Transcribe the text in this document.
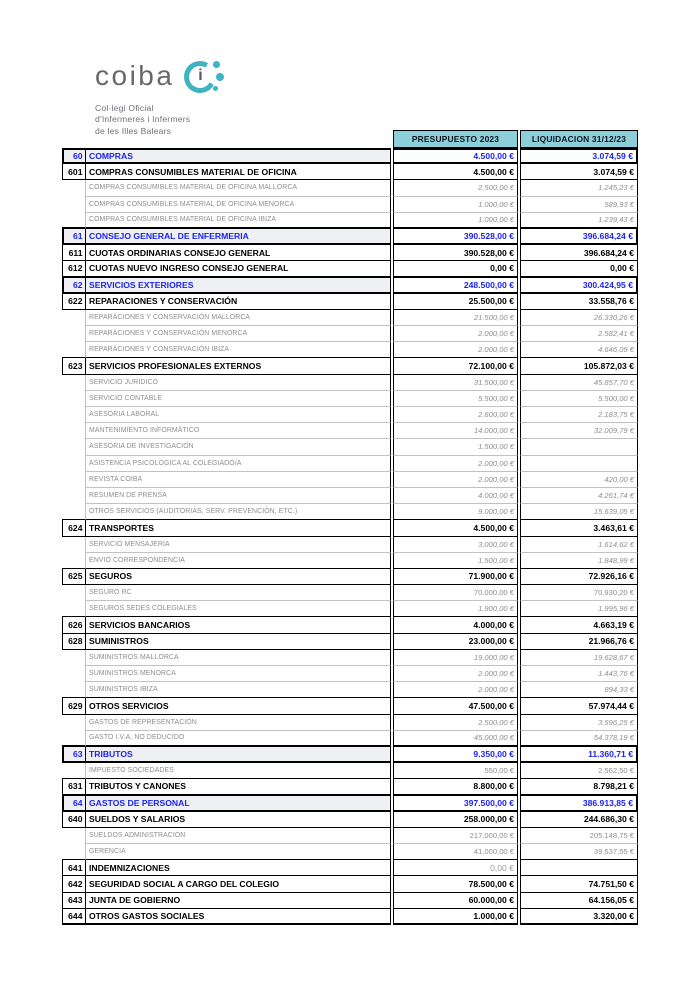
coiba	i
Col·legi Oficial
d'Infermeres i Infermers
de les Illes Balears
PRESUPUESTO 2023	LIQUIDACION 31/12/23
60 COMPRAS	4.500,00 €	3.074,59 €
601 COMPRAS CONSUMIBLES MATERIAL DE OFICINA	4.500,00 €	3.074,59 €
COMPRAS CONSUMIBLES MATERIAL DE OFICINA MALLORCA	2.500,00 €	1.245,23 €
COMPRAS CONSUMIBLES MATERIAL DE OFICINA MENORCA	1.000,00 €	589,93 €
COMPRAS CONSUMIBLES MATERIAL DE OFICINA IBIZA	1.000,00 €	1.239,43 €
61 CONSEJO GENERAL DE ENFERMERIA	390.528,00 €	396.684,24 €
611 CUOTAS ORDINARIAS CONSEJO GENERAL	390.528,00 €	396.684,24 €
612 CUOTAS NUEVO INGRESO CONSEJO GENERAL	0,00 €	0,00 €
62 SERVICIOS EXTERIORES	248.500,00 €	300.424,95 €
622 REPARACIONES Y CONSERVACIÓN	25.500,00 €	33.558,76 €
REPARACIONES Y CONSERVACIÓN MALLORCA	21.500,00 €	26.330,26 €
REPARACIONES Y CONSERVACIÓN MENORCA	2.000,00 €	2.582,41 €
REPARACIONES Y CONSERVACIÓN IBIZA	2.000,00 €	4.646,09 €
623 SERVICIOS PROFESIONALES EXTERNOS	72.100,00 €	105.872,03 €
SERVICIO JURIDICO	31.500,00 €	45.857,70 €
SERVICIO CONTABLE	5.500,00 €	5.500,00 €
ASESORIA LABORAL	2.600,00 €	2.183,75 €
MANTENIMIENTO INFORMÁTICO	14.000,00 €	32.009,79 €
ASESORIA DE INVESTIGACIÓN	1.500,00 €
ASISTENCIA PSICOLÓGICA AL COLEGIADO/A	2.000,00 €
REVISTA COIBA	2.000,00 €	420,00 €
RESUMEN DE PRENSA	4.000,00 €	4.261,74 €
OTROS SERVICIOS (AUDITORIAS, SERV. PREVENCIÓN, ETC.)	9.000,00 €	15.639,05 €
624 TRANSPORTES	4.500,00 €	3.463,61 €
SERVICIO MENSAJERIA	3.000,00 €	1.614,62 €
ENVIO CORRESPONDENCIA	1.500,00 €	1.848,99 €
625 SEGUROS	71.900,00 €	72.926,16 €
SEGURO RC	70.000,00 €	70.930,20 €
SEGUROS SEDES COLEGIALES	1.900,00 €	1.995,96 €
626 SERVICIOS BANCARIOS	4.000,00 €	4.663,19 €
628 SUMINISTROS	23.000,00 €	21.966,76 €
SUMINISTROS MALLORCA	19.000,00 €	19.628,67 €
SUMINISTROS MENORCA	2.000,00 €	1.443,76 €
SUMINISTROS IBIZA	2.000,00 €	894,33 €
629 OTROS SERVICIOS	47.500,00 €	57.974,44 €
GASTOS DE REPRESENTACIÓN	2.500,00 €	3.596,25 €
GASTO I.V.A. NO DEDUCIDO	45.000,00 €	54.378,19 €
63 TRIBUTOS	9.350,00 €	11.360,71 €
IMPUESTO SOCIEDADES	550,00 €	2.562,50 €
631 TRIBUTOS Y CANONES	8.800,00 €	8.798,21 €
64 GASTOS DE PERSONAL	397.500,00 €	386.913,85 €
640 SUELDOS Y SALARIOS	258.000,00 €	244.686,30 €
SUELDOS ADMINISTRACIÓN	217.000,00 €	205.148,75 €
GERENCIA	41.000,00 €	39.537,55 €
641 INDEMNIZACIONES	0,00 €
642 SEGURIDAD SOCIAL A CARGO DEL COLEGIO	78.500,00 €	74.751,50 €
643 JUNTA DE GOBIERNO	60.000,00 €	64.156,05 €
644 OTROS GASTOS SOCIALES	1.000,00 €	3.320,00 €
